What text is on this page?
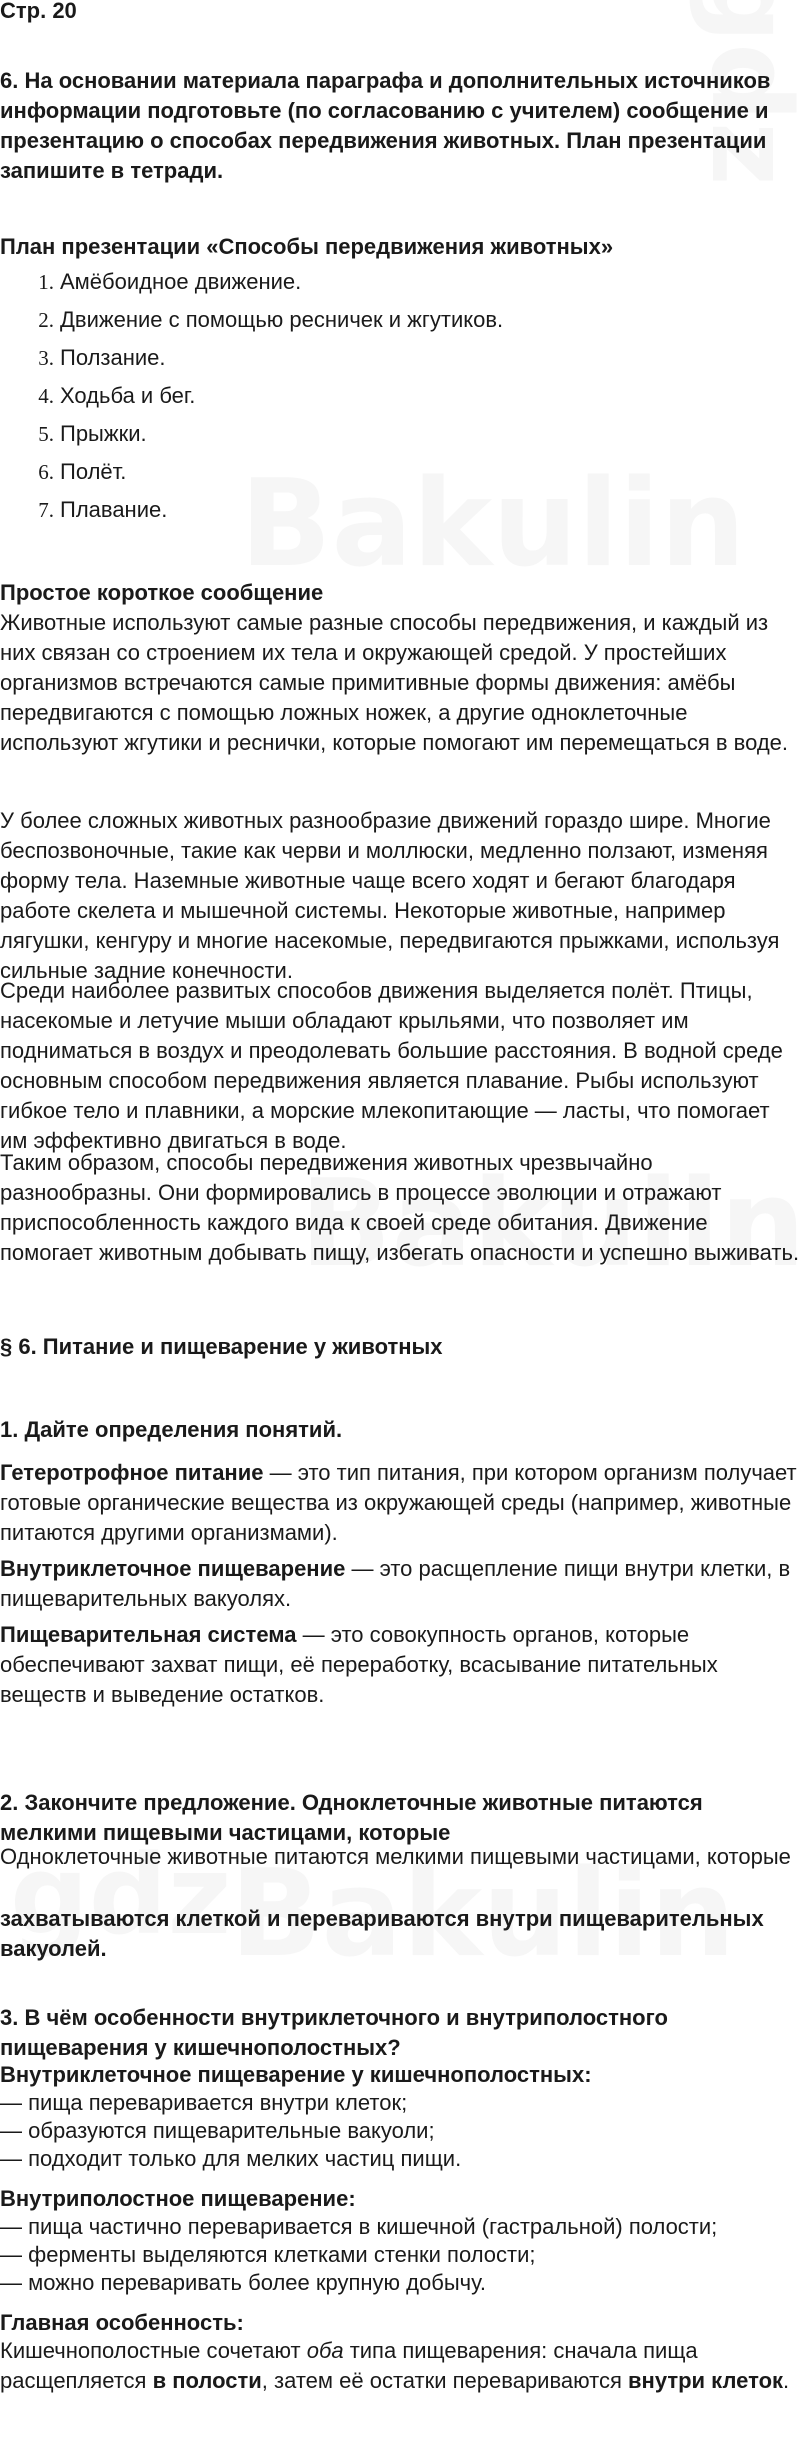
Стр. 20

6. На основании материала параграфа и дополнительных источников информации подготовьте (по согласованию с учителем) сообщение и презентацию о способах передвижения животных. План презентации запишите в тетради.

План презентации «Способы передвижения животных»

1. Амёбоидное движение.
2. Движение с помощью ресничек и жгутиков.
3. Ползание.
4. Ходьба и бег.
5. Прыжки.
6. Полёт.
7. Плавание.

Простое короткое сообщение

Животные используют самые разные способы передвижения, и каждый из них связан со строением их тела и окружающей средой. У простейших организмов встречаются самые примитивные формы движения: амёбы передвигаются с помощью ложных ножек, а другие одноклеточные используют жгутики и реснички, которые помогают им перемещаться в воде.

У более сложных животных разнообразие движений гораздо шире. Многие беспозвоночные, такие как черви и моллюски, медленно ползают, изменяя форму тела. Наземные животные чаще всего ходят и бегают благодаря работе скелета и мышечной системы. Некоторые животные, например лягушки, кенгуру и многие насекомые, передвигаются прыжками, используя сильные задние конечности.

Среди наиболее развитых способов движения выделяется полёт. Птицы, насекомые и летучие мыши обладают крыльями, что позволяет им подниматься в воздух и преодолевать большие расстояния. В водной среде основным способом передвижения является плавание. Рыбы используют гибкое тело и плавники, а морские млекопитающие — ласты, что помогает им эффективно двигаться в воде.

Таким образом, способы передвижения животных чрезвычайно разнообразны. Они формировались в процессе эволюции и отражают приспособленность каждого вида к своей среде обитания. Движение помогает животным добывать пищу, избегать опасности и успешно выживать.

§ 6. Питание и пищеварение у животных

1. Дайте определения понятий.

Гетеротрофное питание — это тип питания, при котором организм получает готовые органические вещества из окружающей среды (например, животные питаются другими организмами).

Внутриклеточное пищеварение — это расщепление пищи внутри клетки, в пищеварительных вакуолях.

Пищеварительная система — это совокупность органов, которые обеспечивают захват пищи, её переработку, всасывание питательных веществ и выведение остатков.

2. Закончите предложение. Одноклеточные животные питаются мелкими пищевыми частицами, которые

Одноклеточные животные питаются мелкими пищевыми частицами, которые

захватываются клеткой и перевариваются внутри пищеварительных вакуолей.

3. В чём особенности внутриклеточного и внутриполостного пищеварения у кишечнополостных?

Внутриклеточное пищеварение у кишечнополостных:

— пища переваривается внутри клеток;

— образуются пищеварительные вакуоли;

— подходит только для мелких частиц пищи.

Внутриполостное пищеварение:

— пища частично переваривается в кишечной (гастральной) полости;

— ферменты выделяются клетками стенки полости;

— можно переваривать более крупную добычу.

Главная особенность:

Кишечнополостные сочетают оба типа пищеварения: сначала пища расщепляется в полости, затем её остатки перевариваются внутри клеток.
